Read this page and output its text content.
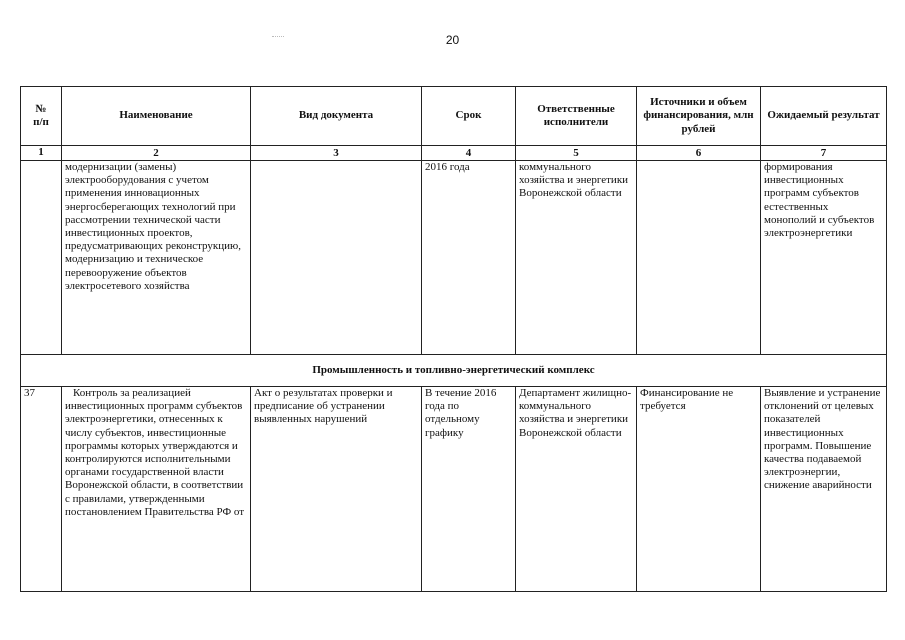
20
№
п/п	Наименование	Вид документа	Срок	Ответственные исполнители	Источники и объем финансирования, млн рублей	Ожидаемый результат
1	2	3	4	5	6	7
	модернизации (замены) электрооборудования с учетом применения инновационных энергосберегающих технологий при рассмотрении технической части инвестиционных проектов, предусматривающих реконструкцию, модернизацию и техническое перевооружение объектов электросетевого хозяйства		2016 года	коммунального хозяйства и энергетики Воронежской области		формирования инвестиционных программ субъектов естественных монополий и субъектов электроэнергетики
Промышленность и топливно-энергетический комплекс						
37	Контроль за реализацией инвестиционных программ субъектов электроэнергетики, отнесенных к числу субъектов, инвестиционные программы которых утверждаются и контролируются исполнительными органами государственной власти Воронежской области, в соответствии с правилами, утвержденными постановлением Правительства РФ от	Акт о результатах проверки и предписание об устранении выявленных нарушений	В течение 2016 года по отдельному графику	Департамент жилищно-коммунального хозяйства и энергетики Воронежской области	Финансирование не требуется	Выявление и устранение отклонений от целевых показателей инвестиционных программ. Повышение качества подаваемой электроэнергии, снижение аварийности
